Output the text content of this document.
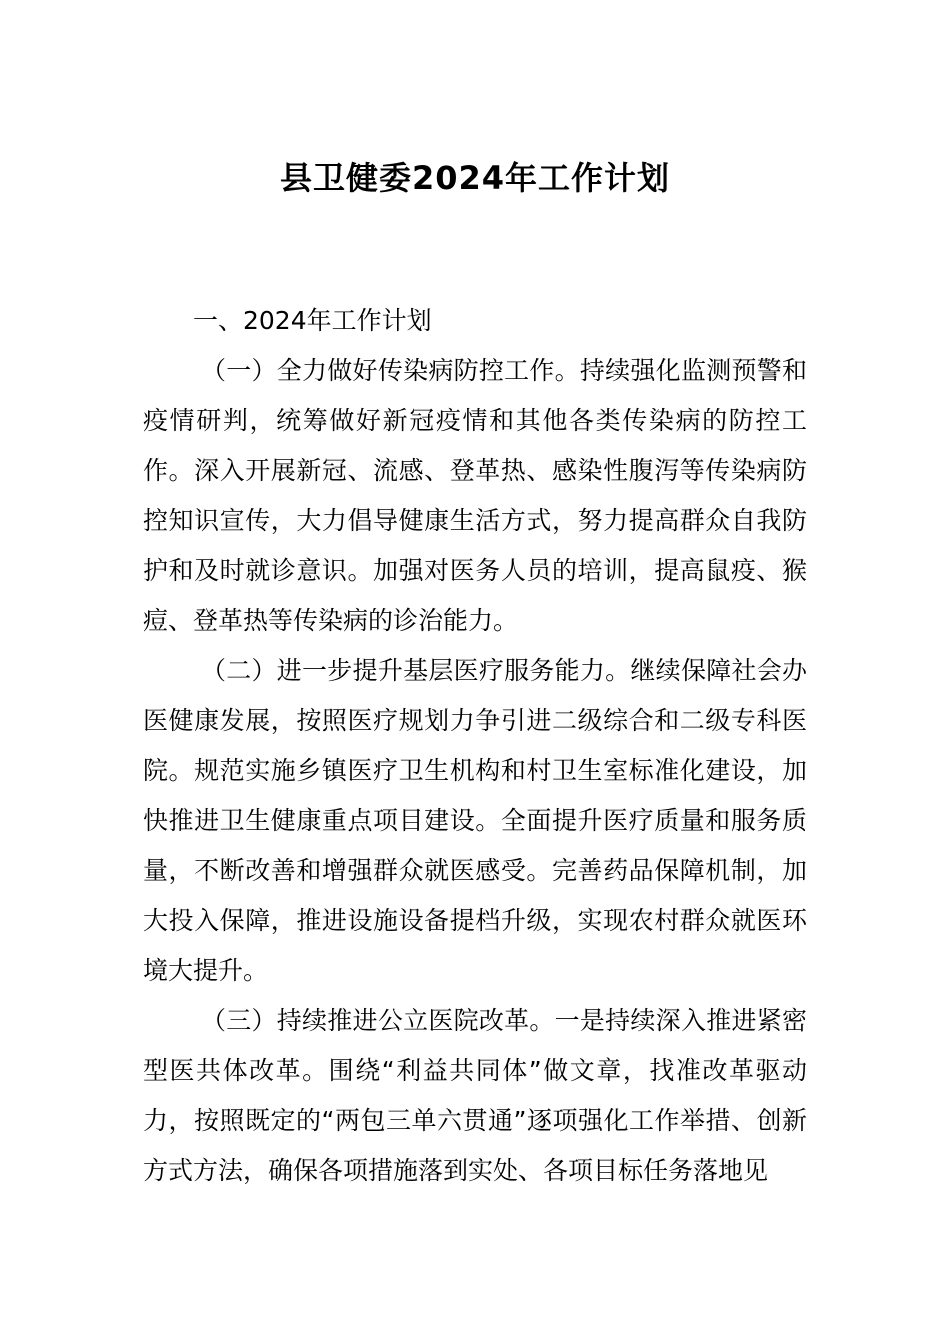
县卫健委2024年工作计划

一、2024年工作计划

（一）全力做好传染病防控工作。持续强化监测预警和疫情研判，统筹做好新冠疫情和其他各类传染病的防控工作。深入开展新冠、流感、登革热、感染性腹泻等传染病防控知识宣传，大力倡导健康生活方式，努力提高群众自我防护和及时就诊意识。加强对医务人员的培训，提高鼠疫、猴痘、登革热等传染病的诊治能力。

（二）进一步提升基层医疗服务能力。继续保障社会办医健康发展，按照医疗规划力争引进二级综合和二级专科医院。规范实施乡镇医疗卫生机构和村卫生室标准化建设，加快推进卫生健康重点项目建设。全面提升医疗质量和服务质量，不断改善和增强群众就医感受。完善药品保障机制，加大投入保障，推进设施设备提档升级，实现农村群众就医环境大提升。

（三）持续推进公立医院改革。一是持续深入推进紧密型医共体改革。围绕“利益共同体”做文章，找准改革驱动力，按照既定的“两包三单六贯通”逐项强化工作举措、创新方式方法，确保各项措施落到实处、各项目标任务落地见
